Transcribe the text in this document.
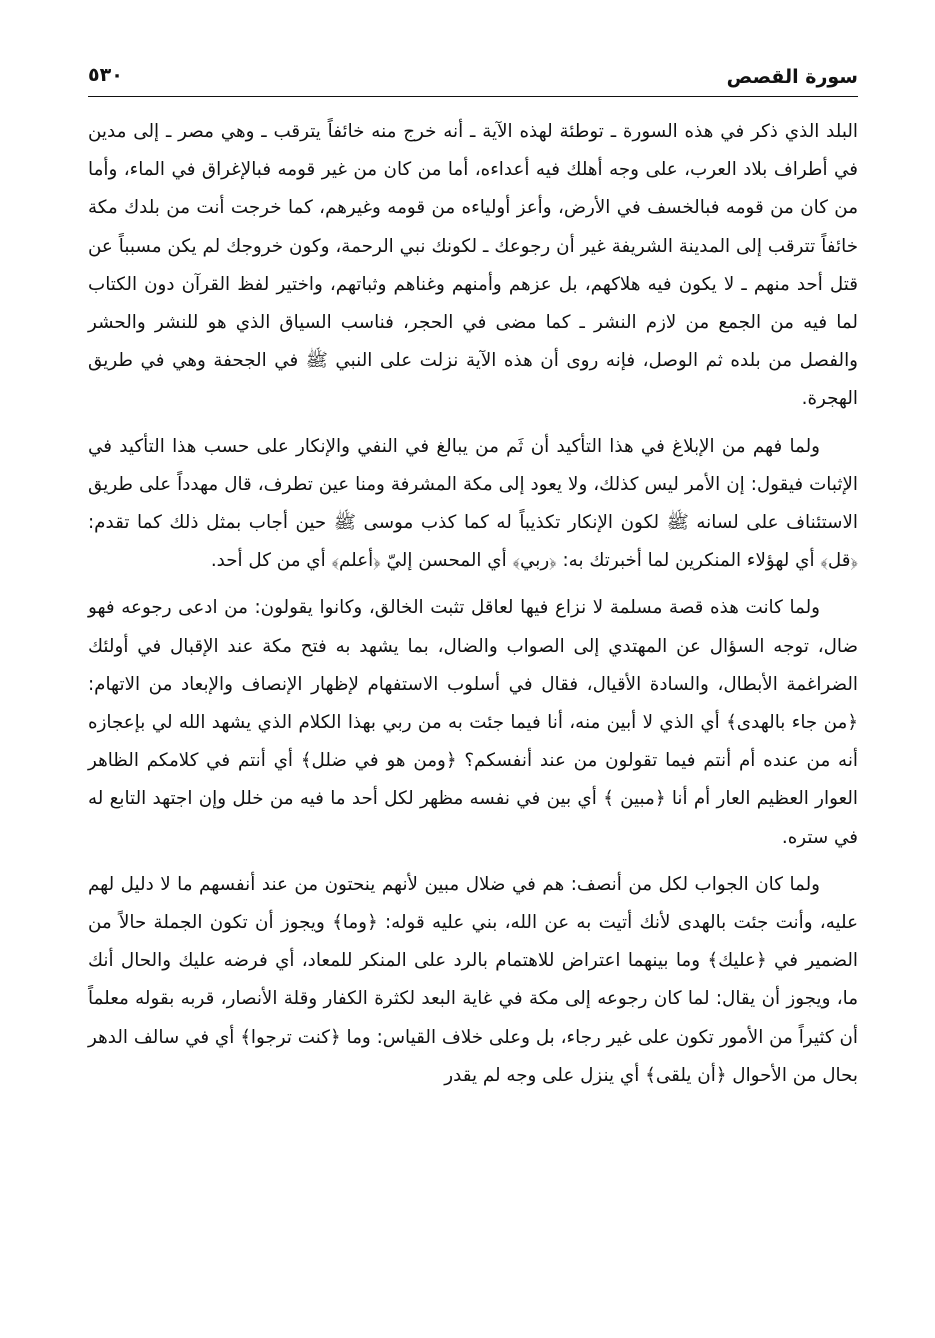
سورة القصص
٥٣٠

البلد الذي ذكر في هذه السورة ـ توطئة لهذه الآية ـ أنه خرج منه خائفاً يترقب ـ وهي مصر ـ إلى مدين في أطراف بلاد العرب، على وجه أهلك فيه أعداءه، أما من كان من غير قومه فبالإغراق في الماء، وأما من كان من قومه فبالخسف في الأرض، وأعز أولياءه من قومه وغيرهم، كما خرجت أنت من بلدك مكة خائفاً تترقب إلى المدينة الشريفة غير أن رجوعك ـ لكونك نبي الرحمة، وكون خروجك لم يكن مسبباً عن قتل أحد منهم ـ لا يكون فيه هلاكهم، بل عزهم وأمنهم وغناهم وثباتهم، واختير لفظ القرآن دون الكتاب لما فيه من الجمع من لازم النشر ـ كما مضى في الحجر، فناسب السياق الذي هو للنشر والحشر والفصل من بلده ثم الوصل، فإنه روى أن هذه الآية نزلت على النبي ﷺ في الجحفة وهي في طريق الهجرة.

ولما فهم من الإبلاغ في هذا التأكيد أن ثَم من يبالغ في النفي والإنكار على حسب هذا التأكيد في الإثبات فيقول: إن الأمر ليس كذلك، ولا يعود إلى مكة المشرفة ومنا عين تطرف، قال مهدداً على طريق الاستئناف على لسانه ﷺ لكون الإنكار تكذيباً له كما كذب موسى ﷺ حين أجاب بمثل ذلك كما تقدم: ﴿قل﴾ أي لهؤلاء المنكرين لما أخبرتك به: ﴿ربي﴾ أي المحسن إليّ ﴿أعلم﴾ أي من كل أحد.

ولما كانت هذه قصة مسلمة لا نزاع فيها لعاقل تثبت الخالق، وكانوا يقولون: من ادعى رجوعه فهو ضال، توجه السؤال عن المهتدي إلى الصواب والضال، بما يشهد به فتح مكة عند الإقبال في أولئك الضراغمة الأبطال، والسادة الأقيال، فقال في أسلوب الاستفهام لإظهار الإنصاف والإبعاد من الاتهام: ﴿من جاء بالهدى﴾ أي الذي لا أبين منه، أنا فيما جئت به من ربي بهذا الكلام الذي يشهد الله لي بإعجازه أنه من عنده أم أنتم فيما تقولون من عند أنفسكم؟ ﴿ومن هو في ضلل﴾ أي أنتم في كلامكم الظاهر العوار العظيم العار أم أنا ﴿مبين ﴾ أي بين في نفسه مظهر لكل أحد ما فيه من خلل وإن اجتهد التابع له في ستره.

ولما كان الجواب لكل من أنصف: هم في ضلال مبين لأنهم ينحتون من عند أنفسهم ما لا دليل لهم عليه، وأنت جئت بالهدى لأنك أتيت به عن الله، بني عليه قوله: ﴿وما﴾ ويجوز أن تكون الجملة حالاً من الضمير في ﴿عليك﴾ وما بينهما اعتراض للاهتمام بالرد على المنكر للمعاد، أي فرضه عليك والحال أنك ما، ويجوز أن يقال: لما كان رجوعه إلى مكة في غاية البعد لكثرة الكفار وقلة الأنصار، قربه بقوله معلماً أن كثيراً من الأمور تكون على غير رجاء، بل وعلى خلاف القياس: وما ﴿كنت ترجوا﴾ أي في سالف الدهر بحال من الأحوال ﴿أن يلقى﴾ أي ينزل على وجه لم يقدر
